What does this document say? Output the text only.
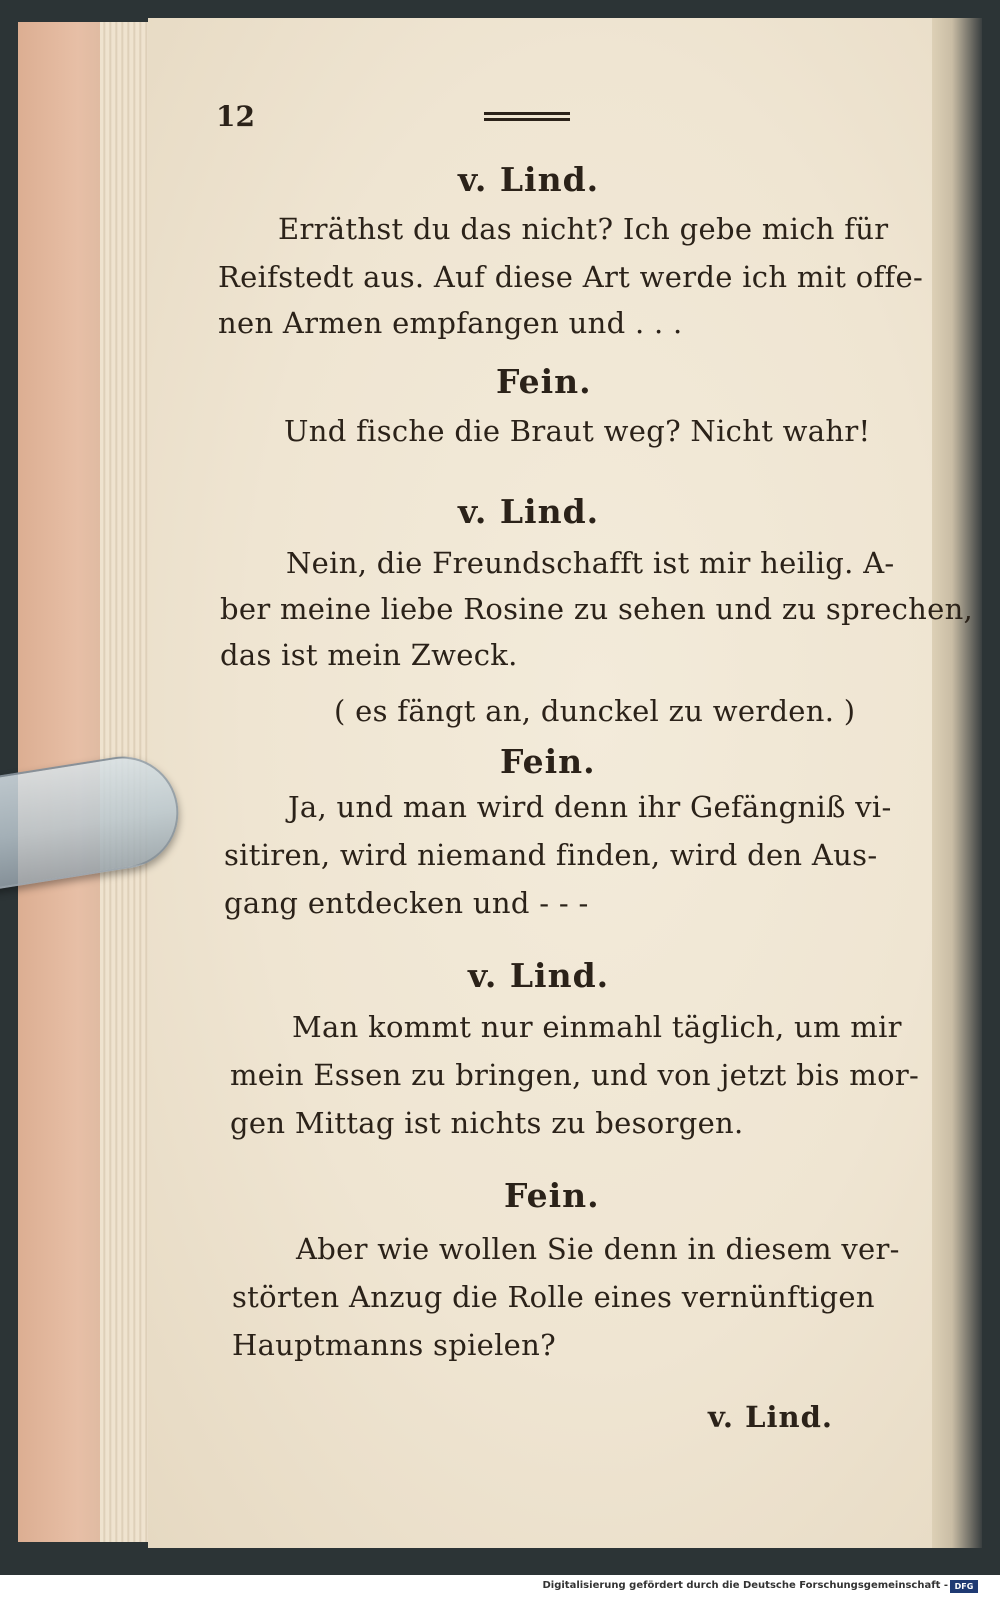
12
v. Lind.
Erräthst du das nicht? Ich gebe mich für
Reifstedt aus. Auf diese Art werde ich mit offe-
nen Armen empfangen und . . .
Fein.
Und fische die Braut weg? Nicht wahr!
v. Lind.
Nein, die Freundschafft ist mir heilig. A-
ber meine liebe Rosine zu sehen und zu sprechen,
das ist mein Zweck.
( es fängt an, dunckel zu werden. )
Fein.
Ja, und man wird denn ihr Gefängniß vi-
sitiren, wird niemand finden, wird den Aus-
gang entdecken und - - -
v. Lind.
Man kommt nur einmahl täglich, um mir
mein Essen zu bringen, und von jetzt bis mor-
gen Mittag ist nichts zu besorgen.
Fein.
Aber wie wollen Sie denn in diesem ver-
störten Anzug die Rolle eines vernünftigen
Hauptmanns spielen?
v. Lind.
Digitalisierung gefördert durch die Deutsche Forschungsgemeinschaft - DFG
